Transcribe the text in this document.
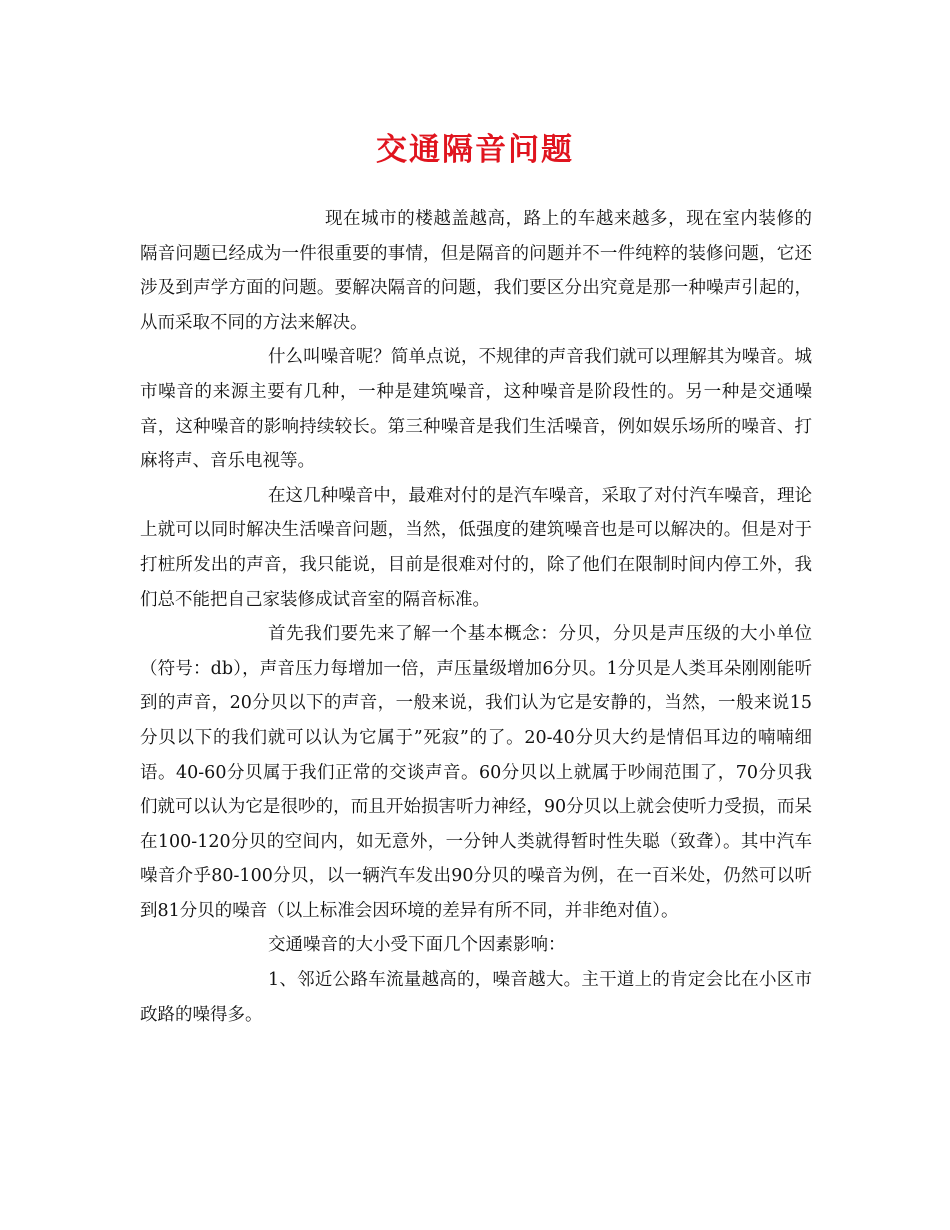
交通隔音问题

现在城市的楼越盖越高，路上的车越来越多，现在室内装修的隔音问题已经成为一件很重要的事情，但是隔音的问题并不一件纯粹的装修问题，它还涉及到声学方面的问题。要解决隔音的问题，我们要区分出究竟是那一种噪声引起的，从而采取不同的方法来解决。

什么叫噪音呢？简单点说，不规律的声音我们就可以理解其为噪音。城市噪音的来源主要有几种，一种是建筑噪音，这种噪音是阶段性的。另一种是交通噪音，这种噪音的影响持续较长。第三种噪音是我们生活噪音，例如娱乐场所的噪音、打麻将声、音乐电视等。

在这几种噪音中，最难对付的是汽车噪音，采取了对付汽车噪音，理论上就可以同时解决生活噪音问题，当然，低强度的建筑噪音也是可以解决的。但是对于打桩所发出的声音，我只能说，目前是很难对付的，除了他们在限制时间内停工外，我们总不能把自己家装修成试音室的隔音标准。

首先我们要先来了解一个基本概念：分贝，分贝是声压级的大小单位（符号：db），声音压力每增加一倍，声压量级增加6分贝。1分贝是人类耳朵刚刚能听到的声音，20分贝以下的声音，一般来说，我们认为它是安静的，当然，一般来说15分贝以下的我们就可以认为它属于”死寂”的了。20-40分贝大约是情侣耳边的喃喃细语。40-60分贝属于我们正常的交谈声音。60分贝以上就属于吵闹范围了，70分贝我们就可以认为它是很吵的，而且开始损害听力神经，90分贝以上就会使听力受损，而呆在100-120分贝的空间内，如无意外，一分钟人类就得暂时性失聪（致聋）。其中汽车噪音介乎80-100分贝，以一辆汽车发出90分贝的噪音为例，在一百米处，仍然可以听到81分贝的噪音（以上标准会因环境的差异有所不同，并非绝对值）。

交通噪音的大小受下面几个因素影响：

1、邻近公路车流量越高的，噪音越大。主干道上的肯定会比在小区市政路的噪得多。
